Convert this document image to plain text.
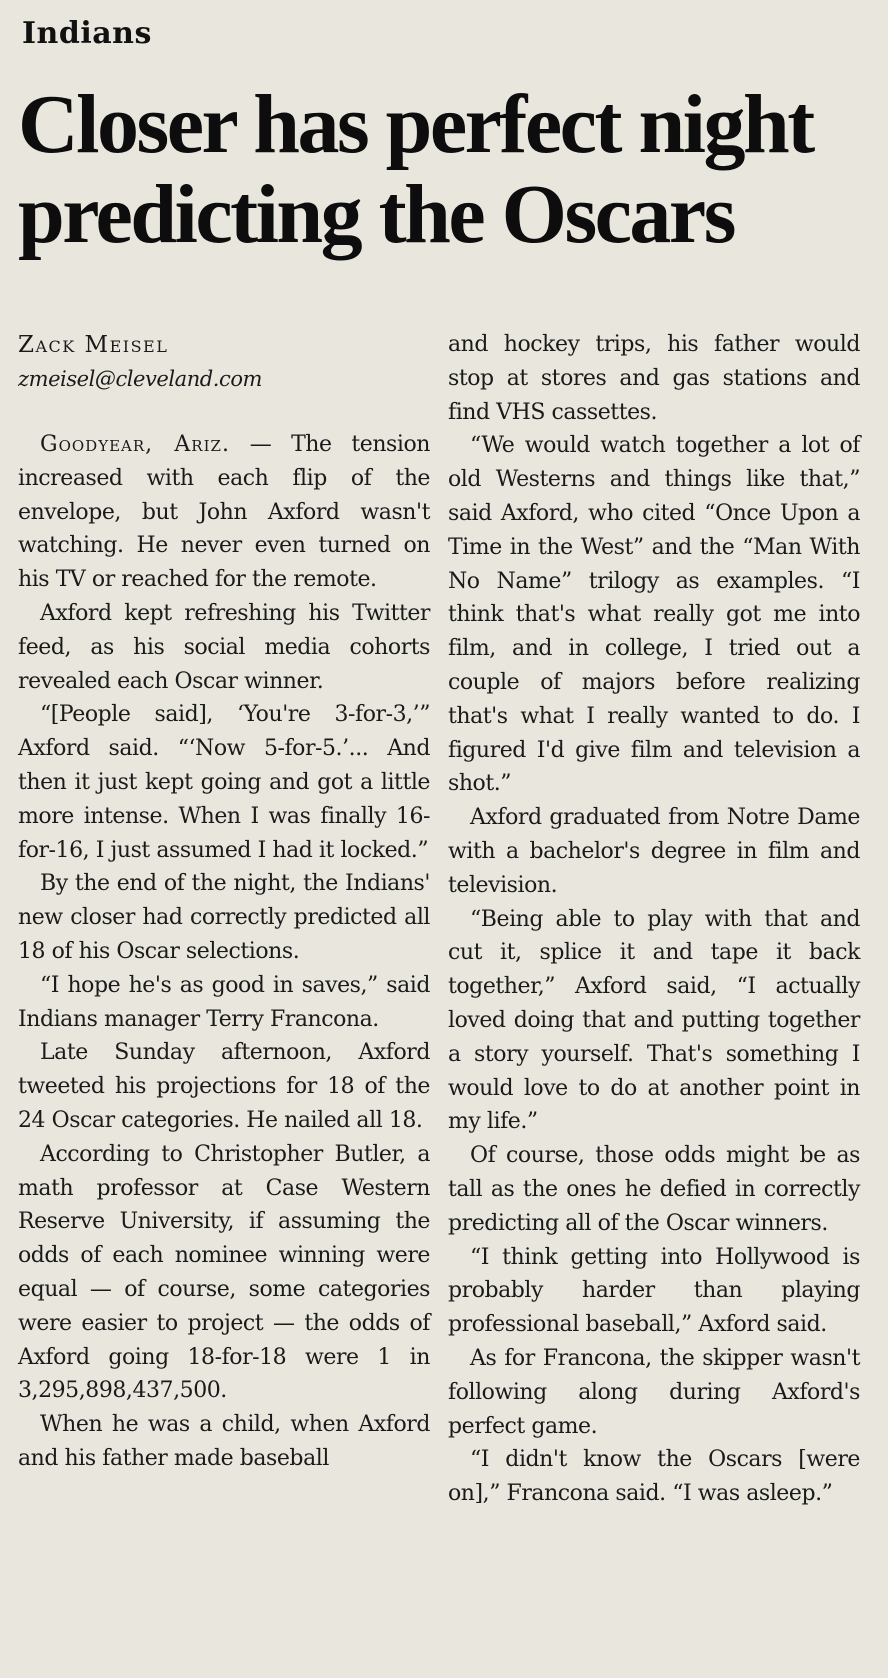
Indians
Closer has perfect night
predicting the Oscars
Zack Meisel
zmeisel@cleveland.com

Goodyear, Ariz. — The tension increased with each flip of the envelope, but John Axford wasn't watching. He never even turned on his TV or reached for the remote.

Axford kept refreshing his Twitter feed, as his social media cohorts revealed each Oscar winner.

“[People said], ‘You're 3-for-3,’” Axford said. “‘Now 5-for-5.’... And then it just kept going and got a little more intense. When I was finally 16-for-16, I just assumed I had it locked.”

By the end of the night, the Indians' new closer had correctly predicted all 18 of his Oscar selections.

“I hope he's as good in saves,” said Indians manager Terry Francona.

Late Sunday afternoon, Axford tweeted his projections for 18 of the 24 Oscar categories. He nailed all 18.

According to Christopher Butler, a math professor at Case Western Reserve University, if assuming the odds of each nominee winning were equal — of course, some categories were easier to project — the odds of Axford going 18-for-18 were 1 in 3,295,898,437,500.

When he was a child, when Axford and his father made baseball

and hockey trips, his father would stop at stores and gas stations and find VHS cassettes.

“We would watch together a lot of old Westerns and things like that,” said Axford, who cited “Once Upon a Time in the West” and the “Man With No Name” trilogy as examples. “I think that's what really got me into film, and in college, I tried out a couple of majors before realizing that's what I really wanted to do. I figured I'd give film and television a shot.”

Axford graduated from Notre Dame with a bachelor's degree in film and television.

“Being able to play with that and cut it, splice it and tape it back together,” Axford said, “I actually loved doing that and putting together a story yourself. That's something I would love to do at another point in my life.”

Of course, those odds might be as tall as the ones he defied in correctly predicting all of the Oscar winners.

“I think getting into Hollywood is probably harder than playing professional baseball,” Axford said.

As for Francona, the skipper wasn't following along during Axford's perfect game.

“I didn't know the Oscars [were on],” Francona said. “I was asleep.”
